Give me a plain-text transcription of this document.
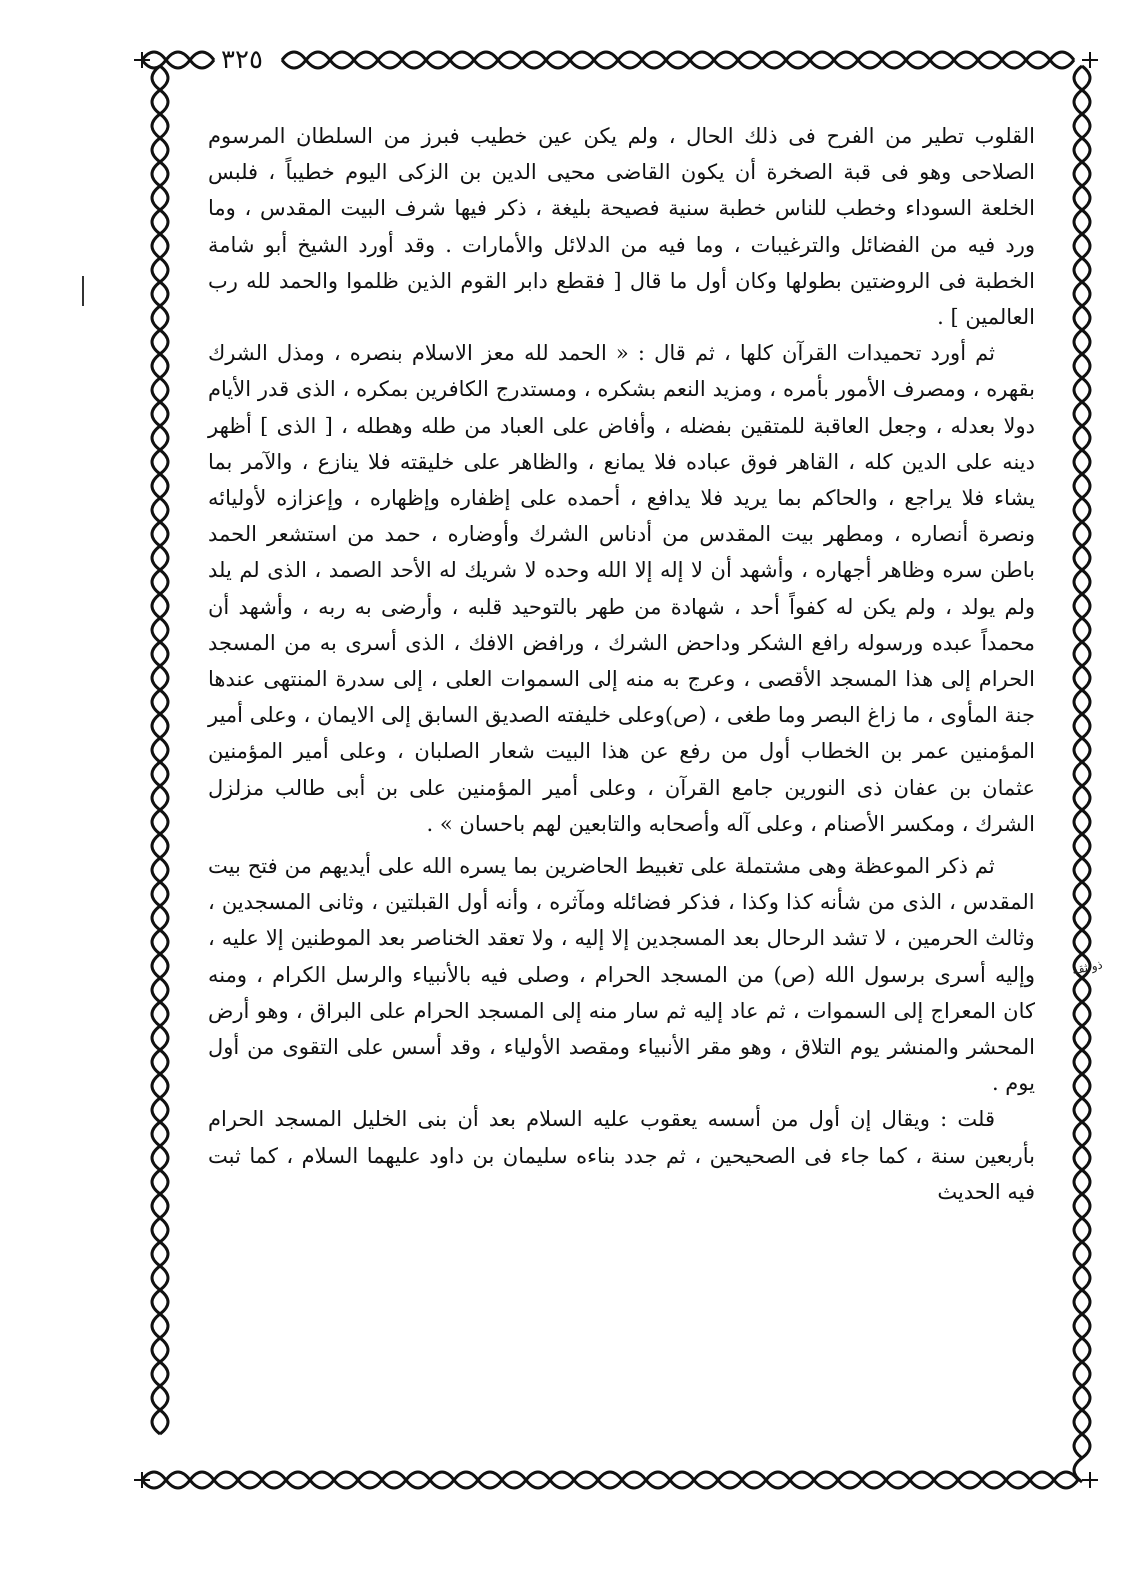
٣٢٥
ذو ثقة

القلوب تطير من الفرح فى ذلك الحال ، ولم يكن عين خطيب فبرز من السلطان المرسوم الصلاحى وهو فى قبة الصخرة أن يكون القاضى محيى الدين بن الزكى اليوم خطيباً ، فلبس الخلعة السوداء وخطب للناس خطبة سنية فصيحة بليغة ، ذكر فيها شرف البيت المقدس ، وما ورد فيه من الفضائل والترغيبات ، وما فيه من الدلائل والأمارات . وقد أورد الشيخ أبو شامة الخطبة فى الروضتين بطولها وكان أول ما قال [ فقطع دابر القوم الذين ظلموا والحمد لله رب العالمين ] .

ثم أورد تحميدات القرآن كلها ، ثم قال : « الحمد لله معز الاسلام بنصره ، ومذل الشرك بقهره ، ومصرف الأمور بأمره ، ومزيد النعم بشكره ، ومستدرج الكافرين بمكره ، الذى قدر الأيام دولا بعدله ، وجعل العاقبة للمتقين بفضله ، وأفاض على العباد من طله وهطله ، [ الذى ] أظهر دينه على الدين كله ، القاهر فوق عباده فلا يمانع ، والظاهر على خليقته فلا ينازع ، والآمر بما يشاء فلا يراجع ، والحاكم بما يريد فلا يدافع ، أحمده على إظفاره وإظهاره ، وإعزازه لأوليائه ونصرة أنصاره ، ومطهر بيت المقدس من أدناس الشرك وأوضاره ، حمد من استشعر الحمد باطن سره وظاهر أجهاره ، وأشهد أن لا إله إلا الله وحده لا شريك له الأحد الصمد ، الذى لم يلد ولم يولد ، ولم يكن له كفواً أحد ، شهادة من طهر بالتوحيد قلبه ، وأرضى به ربه ، وأشهد أن محمداً عبده ورسوله رافع الشكر وداحض الشرك ، ورافض الافك ، الذى أسرى به من المسجد الحرام إلى هذا المسجد الأقصى ، وعرج به منه إلى السموات العلى ، إلى سدرة المنتهى عندها جنة المأوى ، ما زاغ البصر وما طغى ، (ص)وعلى خليفته الصديق السابق إلى الايمان ، وعلى أمير المؤمنين عمر بن الخطاب أول من رفع عن هذا البيت شعار الصلبان ، وعلى أمير المؤمنين عثمان بن عفان ذى النورين جامع القرآن ، وعلى أمير المؤمنين على بن أبى طالب مزلزل الشرك ، ومكسر الأصنام ، وعلى آله وأصحابه والتابعين لهم باحسان » .

ثم ذكر الموعظة وهى مشتملة على تغبيط الحاضرين بما يسره الله على أيديهم من فتح بيت المقدس ، الذى من شأنه كذا وكذا ، فذكر فضائله ومآثره ، وأنه أول القبلتين ، وثانى المسجدين ، وثالث الحرمين ، لا تشد الرحال بعد المسجدين إلا إليه ، ولا تعقد الخناصر بعد الموطنين إلا عليه ، وإليه أسرى برسول الله (ص) من المسجد الحرام ، وصلى فيه بالأنبياء والرسل الكرام ، ومنه كان المعراج إلى السموات ، ثم عاد إليه ثم سار منه إلى المسجد الحرام على البراق ، وهو أرض المحشر والمنشر يوم التلاق ، وهو مقر الأنبياء ومقصد الأولياء ، وقد أسس على التقوى من أول يوم .

قلت : ويقال إن أول من أسسه يعقوب عليه السلام بعد أن بنى الخليل المسجد الحرام بأربعين سنة ، كما جاء فى الصحيحين ، ثم جدد بناءه سليمان بن داود عليهما السلام ، كما ثبت فيه الحديث
